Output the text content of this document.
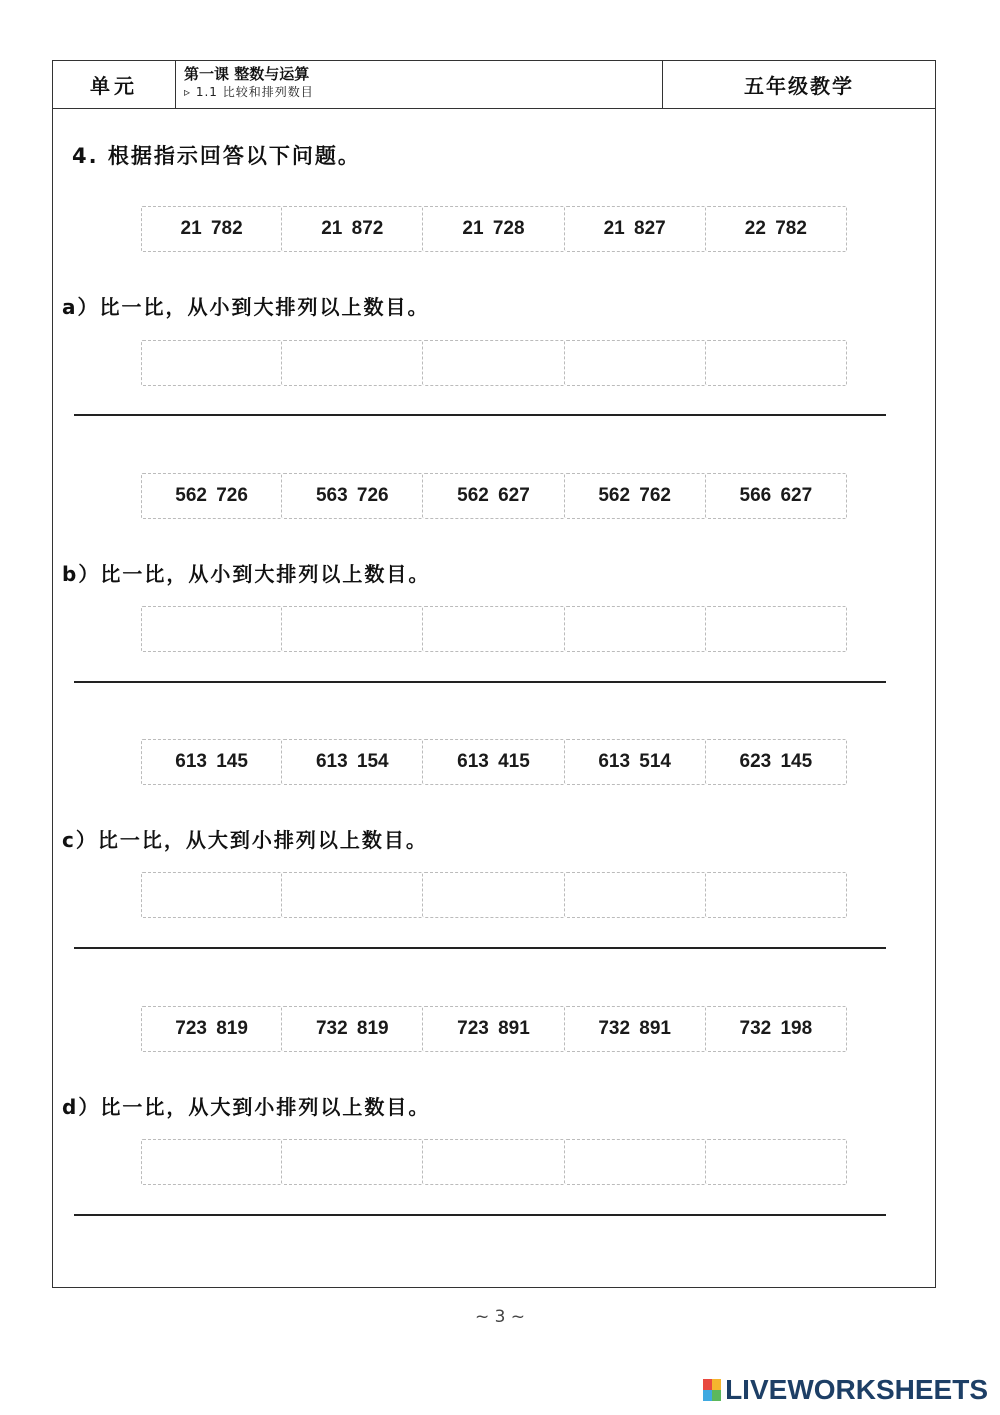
单元	第一课 整数与运算
▹ 1.1 比较和排列数目	五年级教学
4. 根据指示回答以下问题。
21 782	21 872	21 728	21 827	22 782
a）比一比，从小到大排列以上数目。
562 726	563 726	562 627	562 762	566 627
b）比一比，从小到大排列以上数目。
613 145	613 154	613 415	613 514	623 145
c）比一比，从大到小排列以上数目。
723 819	732 819	723 891	732 891	732 198
d）比一比，从大到小排列以上数目。
~ 3 ~
LIVEWORKSHEETS
